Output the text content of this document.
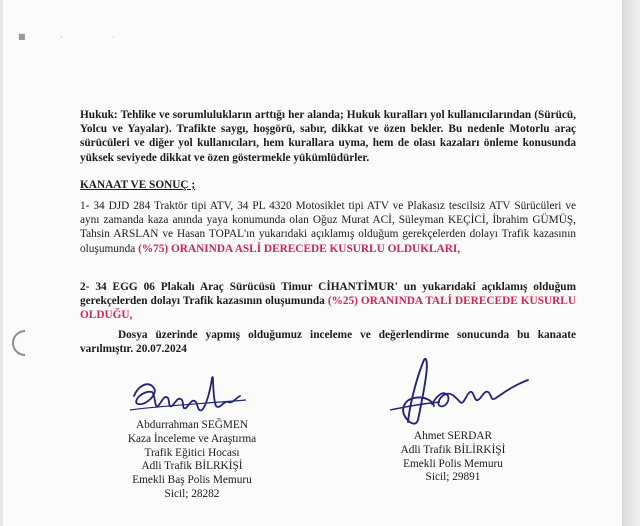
■	·	·
Hukuk: Tehlike ve sorumlulukların arttığı her alanda; Hukuk kuralları yol kullanıcılarından (Sürücü, Yolcu ve Yayalar). Trafikte saygı, hoşgörü, sabır, dikkat ve özen bekler. Bu nedenle Motorlu araç sürücüleri ve diğer yol kullanıcıları, hem kurallara uyma, hem de olası kazaları önleme konusunda yüksek seviyede dikkat ve özen göstermekle yükümlüdürler.
KANAAT VE SONUÇ ;
1- 34 DJD 284 Traktör tipi ATV, 34 PL 4320 Motosiklet tipi ATV ve Plakasız tescilsiz ATV Sürücüleri ve aynı zamanda kaza anında yaya konumunda olan Oğuz Murat ACİ, Süleyman KEÇİCİ, İbrahim GÜMÜŞ, Tahsin ARSLAN ve Hasan TOPAL'ın yukarıdaki açıklamış olduğum gerekçelerden dolayı Trafik kazasının oluşumunda (%75) ORANINDA ASLİ DERECEDE KUSURLU OLDUKLARI,
2- 34 EGG 06 Plakalı Araç Sürücüsü Timur CİHANTİMUR' un yukarıdaki açıklamış olduğum gerekçelerden dolayı Trafik kazasının oluşumunda (%25) ORANINDA TALİ DERECEDE KUSURLU OLDUĞU,
Dosya üzerinde yapmış olduğumuz inceleme ve değerlendirme sonucunda bu kanaate varılmıştır. 20.07.2024
Abdurrahman SEĞMEN
Kaza İnceleme ve Araştırma
Trafik Eğitici Hocası
Adli Trafik BİLRKİŞİ
Emekli Baş Polis Memuru
Sicil; 28282
Ahmet SERDAR
Adli Trafik BİLİRKİŞİ
Emekli Polis Memuru
Sicil; 29891
